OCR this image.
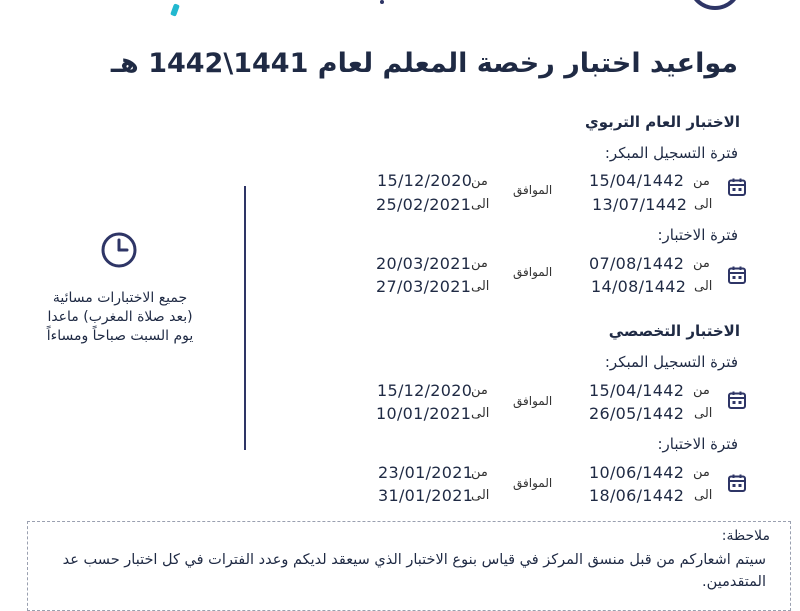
مواعيد اختبار رخصة المعلم لعام 1441\1442 هـ
الاختبار العام التربوي
فترة التسجيل المبكر:
من
الى
15/04/1442
13/07/1442
الموافق
من
الى
15/12/2020
25/02/2021
فترة الاختبار:
من
الى
07/08/1442
14/08/1442
الموافق
من
الى
20/03/2021
27/03/2021
الاختبار التخصصي
فترة التسجيل المبكر:
من
الى
15/04/1442
26/05/1442
الموافق
من
الى
15/12/2020
10/01/2021
فترة الاختبار:
من
الى
10/06/1442
18/06/1442
الموافق
من
الى
23/01/2021
31/01/2021
جميع الاختبارات مسائية
(بعد صلاة المغرب) ماعدا
يوم السبت صباحاً ومساءاً
ملاحظة:
سيتم اشعاركم من قبل منسق المركز في قياس بنوع الاختبار الذي سيعقد لديكم وعدد الفترات في كل اختبار حسب عد المتقدمين.
